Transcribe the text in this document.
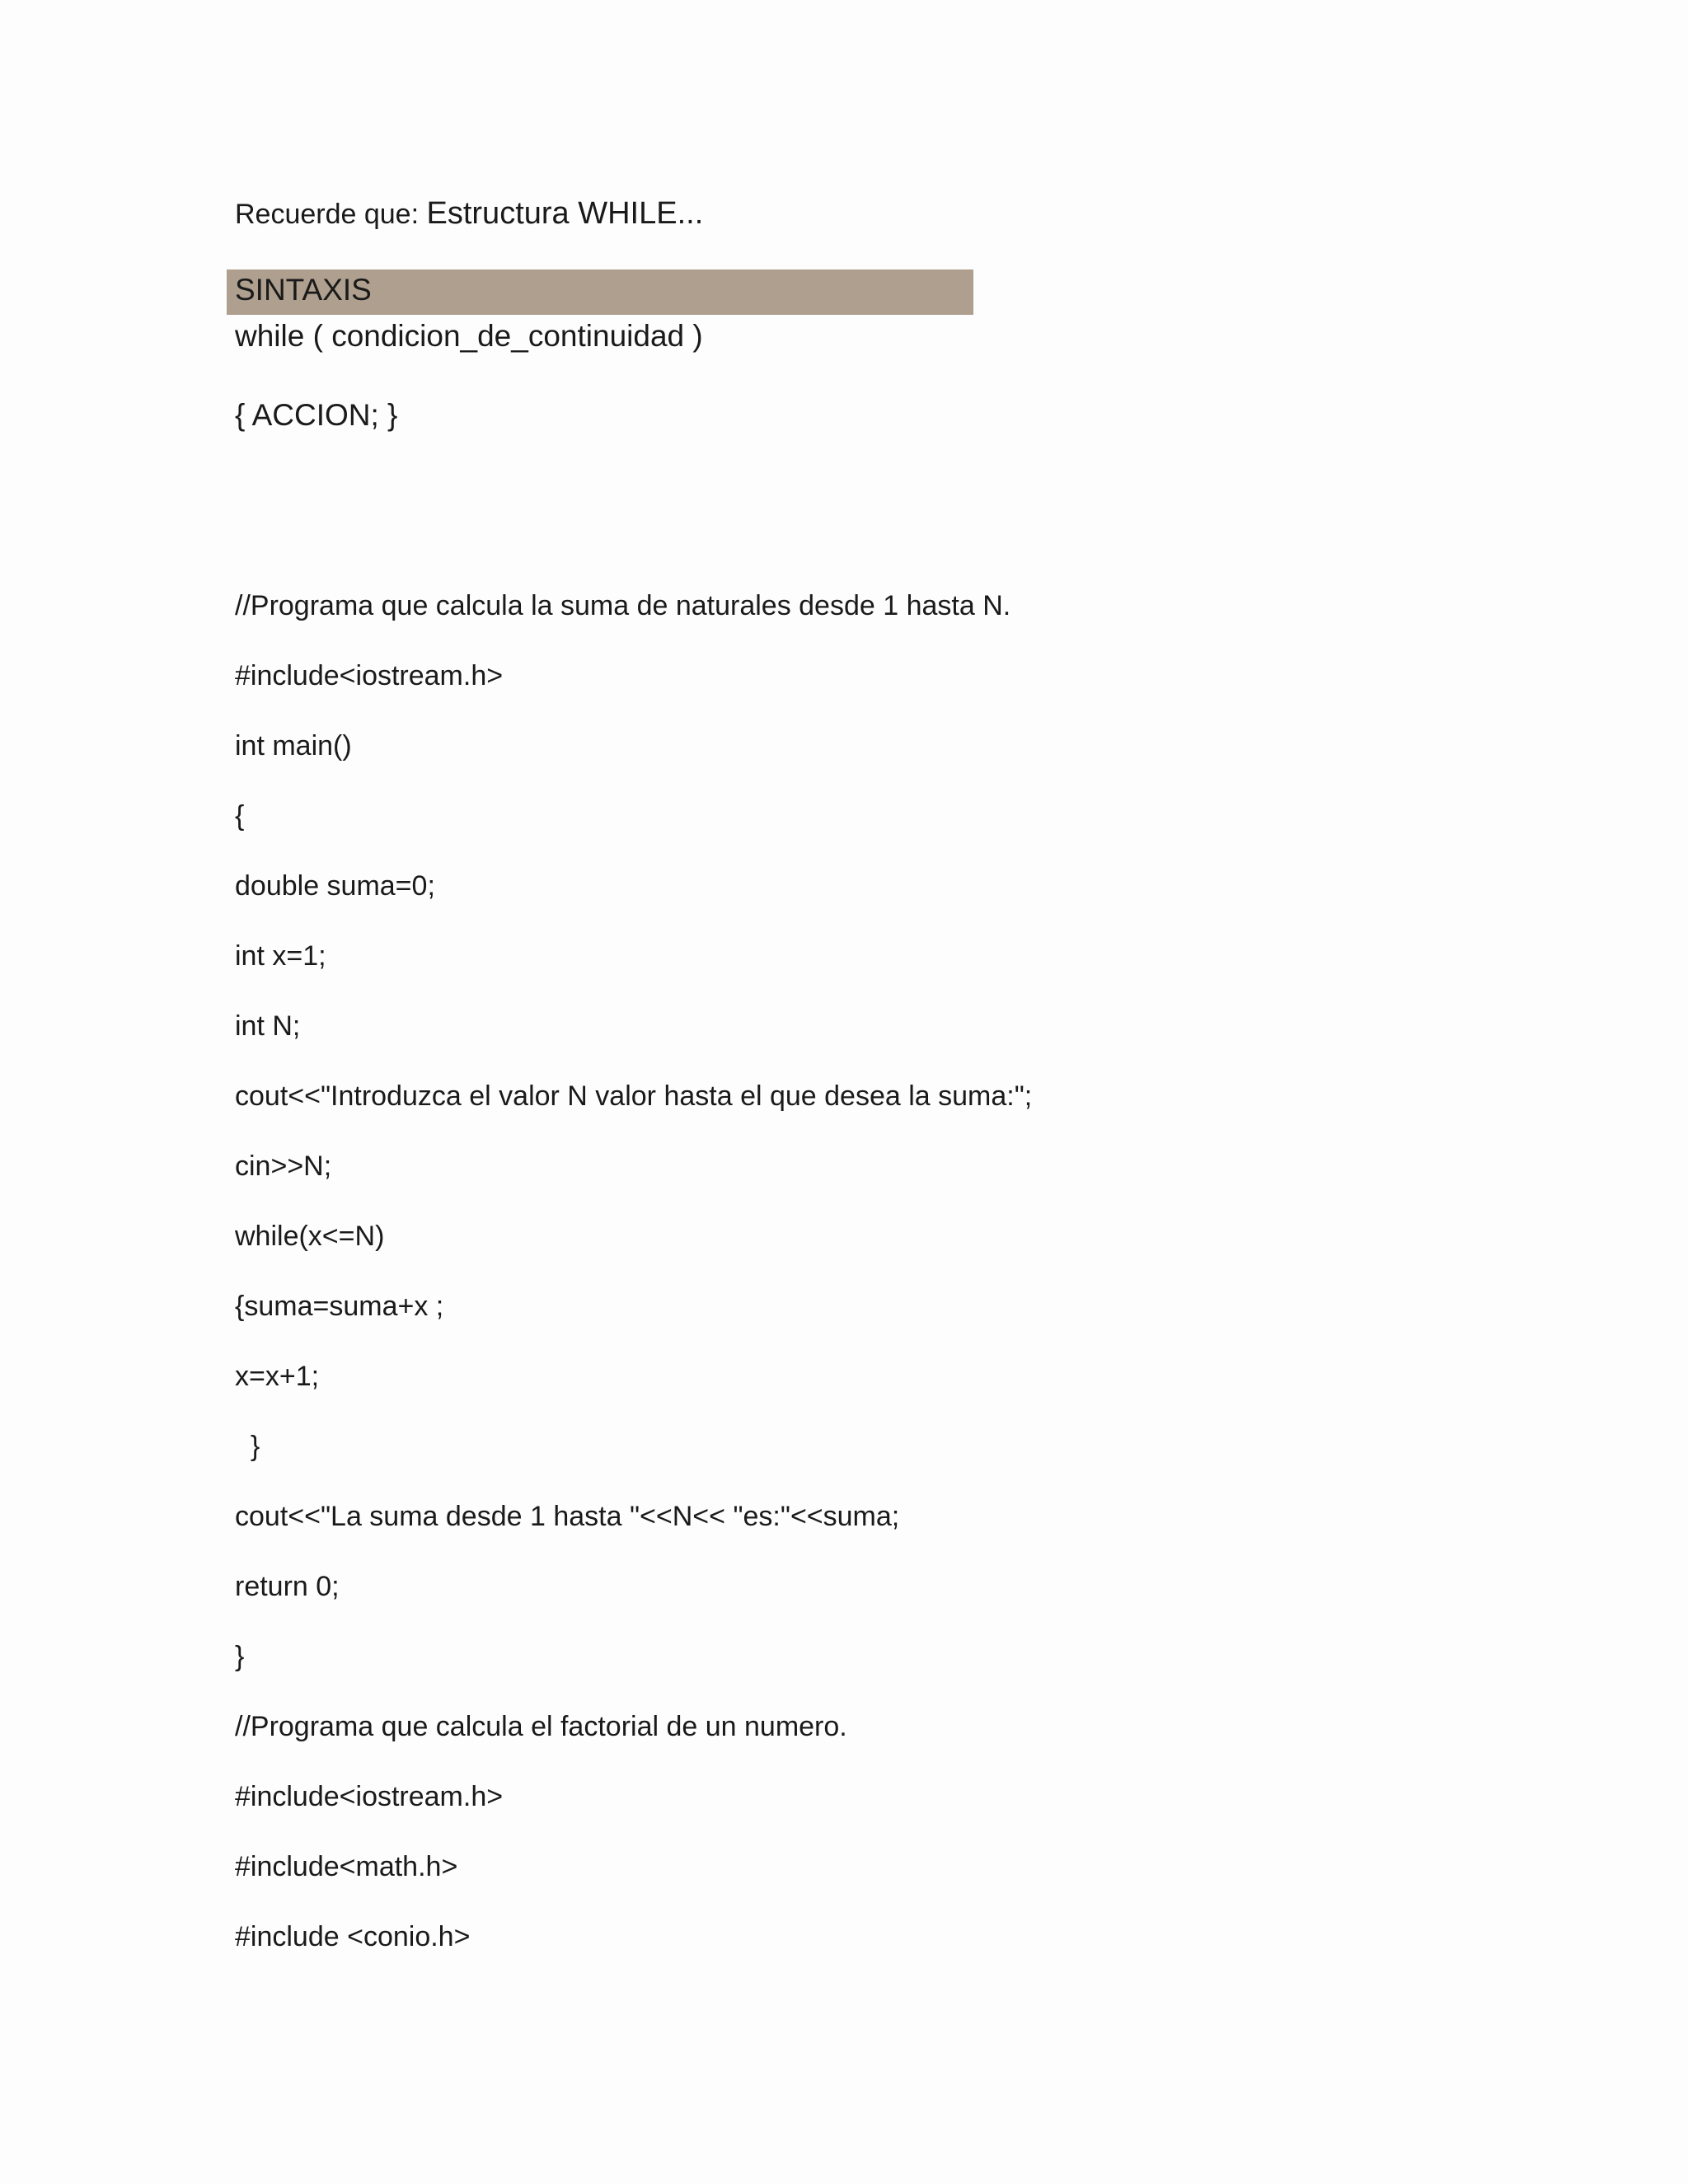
Recuerde que: Estructura WHILE...
SINTAXIS
while ( condicion_de_continuidad )
{ ACCION; }
//Programa que calcula la suma de naturales desde 1 hasta N.
#include<iostream.h>
int main()
{
double suma=0;
int x=1;
int N;
cout<<"Introduzca el valor N valor hasta el que desea la suma:";
cin>>N;
while(x<=N)
{suma=suma+x ;
x=x+1;
}
cout<<"La suma desde 1 hasta "<<N<< "es:"<<suma;
return 0;
}
//Programa que calcula el factorial de un numero.
#include<iostream.h>
#include<math.h>
#include <conio.h>
